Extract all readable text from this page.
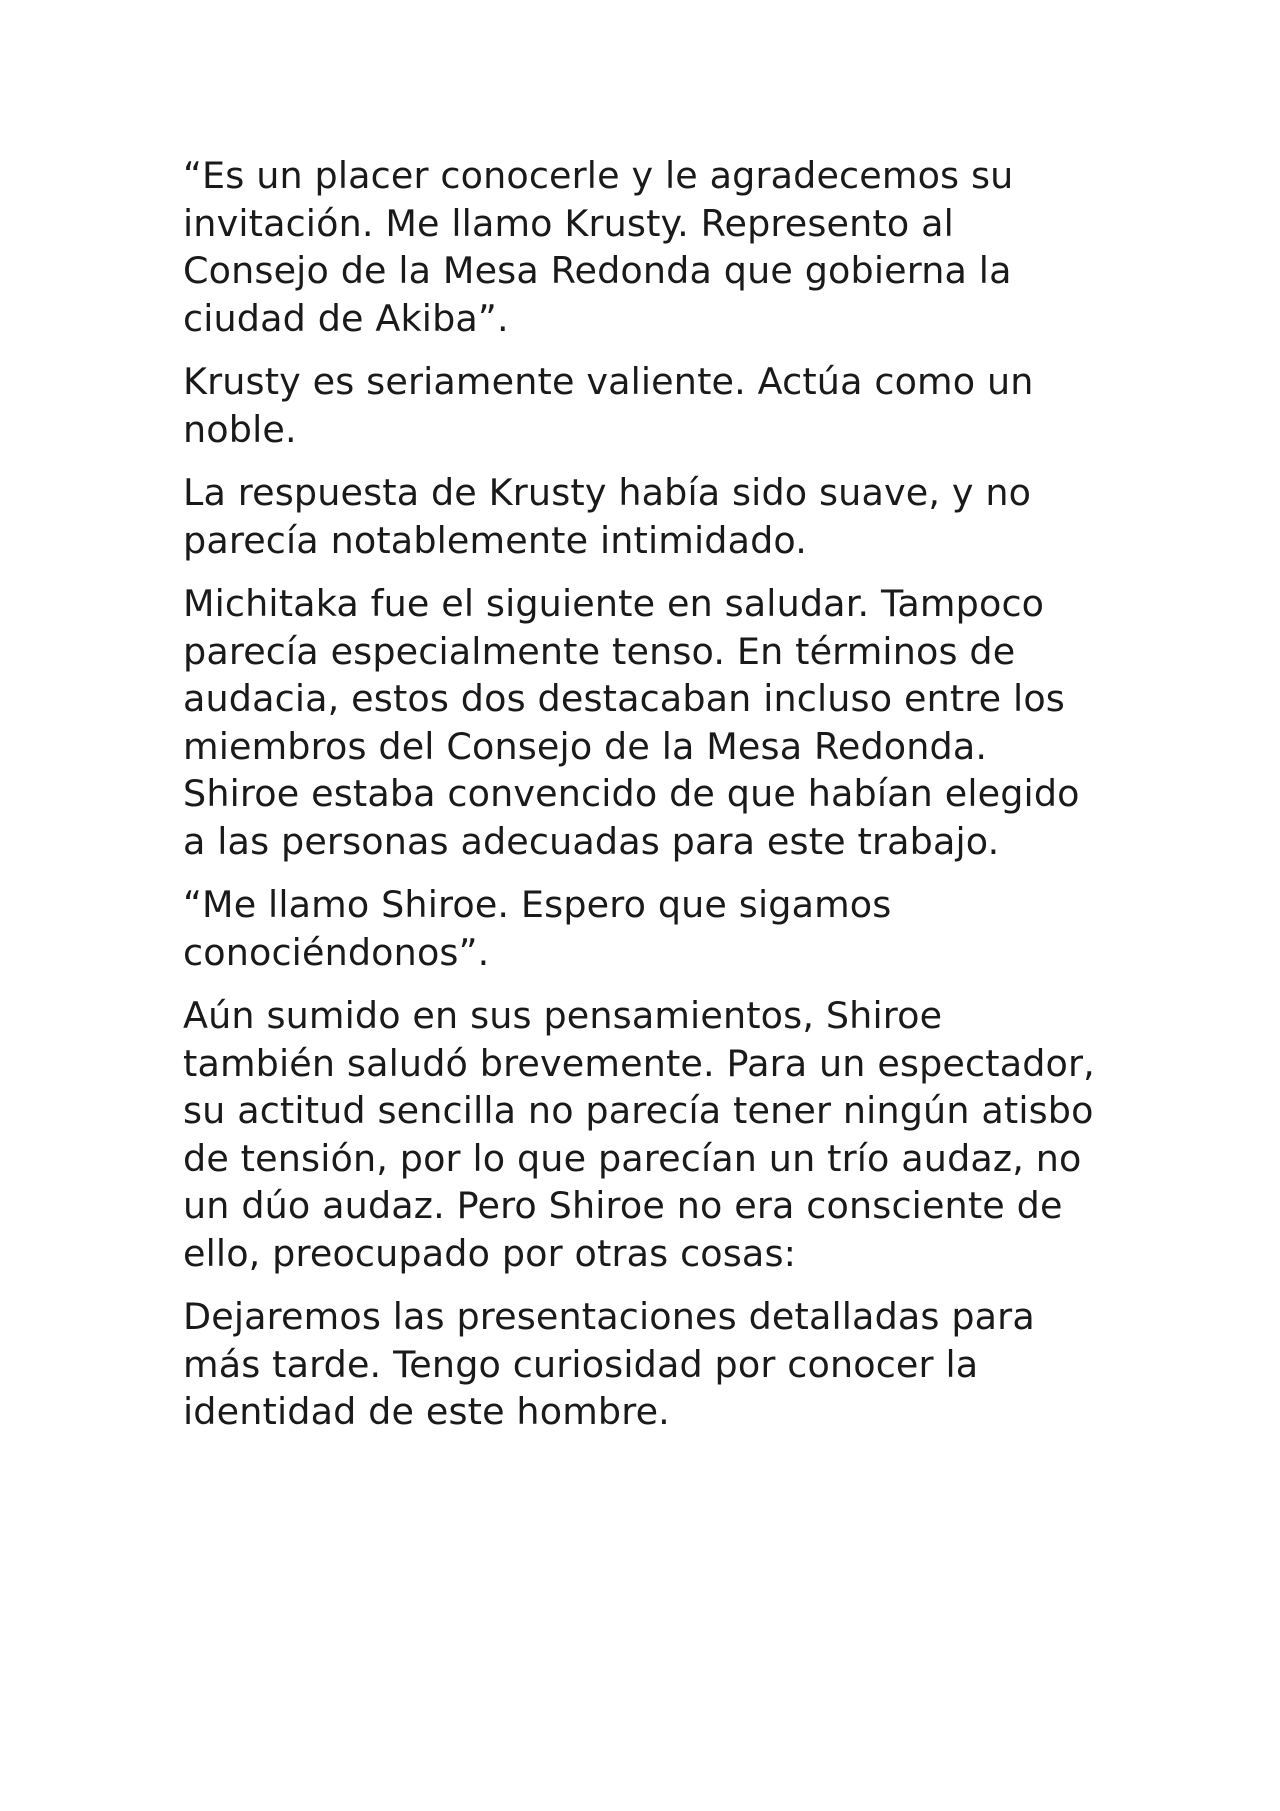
“Es un placer conocerle y le agradecemos su invitación. Me llamo Krusty. Represento al Consejo de la Mesa Redonda que gobierna la ciudad de Akiba”.

Krusty es seriamente valiente. Actúa como un noble.

La respuesta de Krusty había sido suave, y no parecía notablemente intimidado.

Michitaka fue el siguiente en saludar. Tampoco parecía especialmente tenso. En términos de audacia, estos dos destacaban incluso entre los miembros del Consejo de la Mesa Redonda. Shiroe estaba convencido de que habían elegido a las personas adecuadas para este trabajo.

“Me llamo Shiroe. Espero que sigamos conociéndonos”.

Aún sumido en sus pensamientos, Shiroe también saludó brevemente. Para un espectador, su actitud sencilla no parecía tener ningún atisbo de tensión, por lo que parecían un trío audaz, no un dúo audaz. Pero Shiroe no era consciente de ello, preocupado por otras cosas:

Dejaremos las presentaciones detalladas para más tarde. Tengo curiosidad por conocer la identidad de este hombre.
